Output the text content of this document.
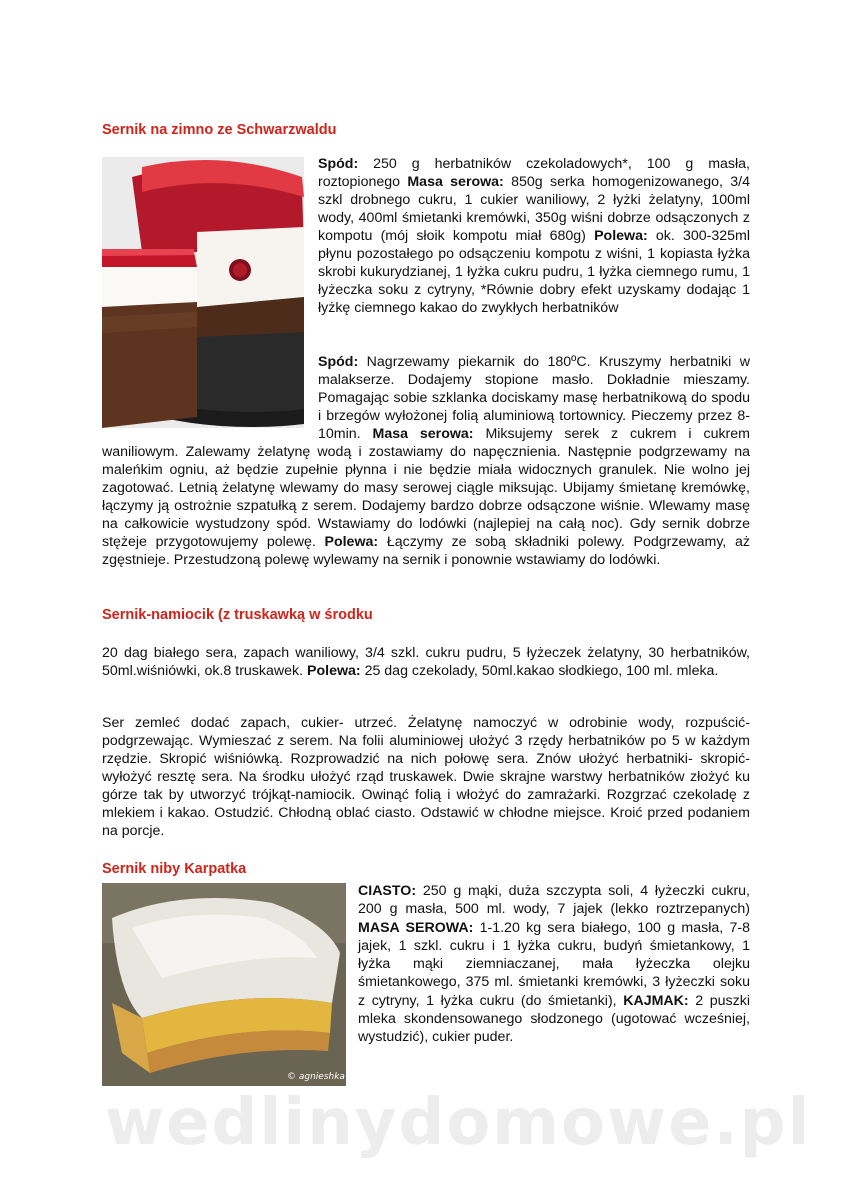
Sernik na zimno ze Schwarzwaldu

Spód: 250 g herbatników czekoladowych*, 100 g masła, roztopionego Masa serowa: 850g serka homogenizowanego, 3/4 szkl drobnego cukru, 1 cukier waniliowy, 2 łyżki żelatyny, 100ml wody, 400ml śmietanki kremówki, 350g wiśni dobrze odsączonych z kompotu (mój słoik kompotu miał 680g) Polewa: ok. 300-325ml płynu pozostałego po odsączeniu kompotu z wiśni, 1 kopiasta łyżka skrobi kukurydzianej, 1 łyżka cukru pudru, 1 łyżka ciemnego rumu, 1 łyżeczka soku z cytryny, *Równie dobry efekt uzyskamy dodając 1 łyżkę ciemnego kakao do zwykłych herbatników

Spód: Nagrzewamy piekarnik do 180ºC. Kruszymy herbatniki w malakserze. Dodajemy stopione masło. Dokładnie mieszamy. Pomagając sobie szklanka dociskamy masę herbatnikową do spodu i brzegów wyłożonej folią aluminiową tortownicy. Pieczemy przez 8-10min. Masa serowa: Miksujemy serek z cukrem i cukrem waniliowym. Zalewamy żelatynę wodą i zostawiamy do napęcznienia. Następnie podgrzewamy na maleńkim ogniu, aż będzie zupełnie płynna i nie będzie miała widocznych granulek. Nie wolno jej zagotować. Letnią żelatynę wlewamy do masy serowej ciągle miksując. Ubijamy śmietanę kremówkę, łączymy ją ostrożnie szpatułką z serem. Dodajemy bardzo dobrze odsączone wiśnie. Wlewamy masę na całkowicie wystudzony spód. Wstawiamy do lodówki (najlepiej na całą noc). Gdy sernik dobrze stężeje przygotowujemy polewę. Polewa: Łączymy ze sobą składniki polewy. Podgrzewamy, aż zgęstnieje. Przestudzoną polewę wylewamy na sernik i ponownie wstawiamy do lodówki.

Sernik-namiocik (z truskawką w środku

20 dag białego sera, zapach waniliowy, 3/4 szkl. cukru pudru, 5 łyżeczek żelatyny, 30 herbatników, 50ml.wiśniówki, ok.8 truskawek. Polewa: 25 dag czekolady, 50ml.kakao słodkiego, 100 ml. mleka.

Ser zemleć dodać zapach, cukier- utrzeć. Żelatynę namoczyć w odrobinie wody, rozpuścić- podgrzewając. Wymieszać z serem. Na folii aluminiowej ułożyć 3 rzędy herbatników po 5 w każdym rzędzie. Skropić wiśniówką. Rozprowadzić na nich połowę sera. Znów ułożyć herbatniki- skropić- wyłożyć resztę sera. Na środku ułożyć rząd truskawek. Dwie skrajne warstwy herbatników złożyć ku górze tak by utworzyć trójkąt-namiocik. Owinąć folią i włożyć do zamrażarki. Rozgrzać czekoladę z mlekiem i kakao. Ostudzić. Chłodną oblać ciasto. Odstawić w chłodne miejsce. Kroić przed podaniem na porcje.

Sernik niby Karpatka
© agnieshka

CIASTO: 250 g mąki, duża szczypta soli, 4 łyżeczki cukru, 200 g masła, 500 ml. wody, 7 jajek (lekko roztrzepanych) MASA SEROWA: 1-1.20 kg sera białego, 100 g masła, 7-8 jajek, 1 szkl. cukru i 1 łyżka cukru, budyń śmietankowy, 1 łyżka mąki ziemniaczanej, mała łyżeczka olejku śmietankowego, 375 ml. śmietanki kremówki, 3 łyżeczki soku z cytryny, 1 łyżka cukru (do śmietanki), KAJMAK: 2 puszki mleka skondensowanego słodzonego (ugotować wcześniej, wystudzić), cukier puder.

wedlinydomowe.pl
